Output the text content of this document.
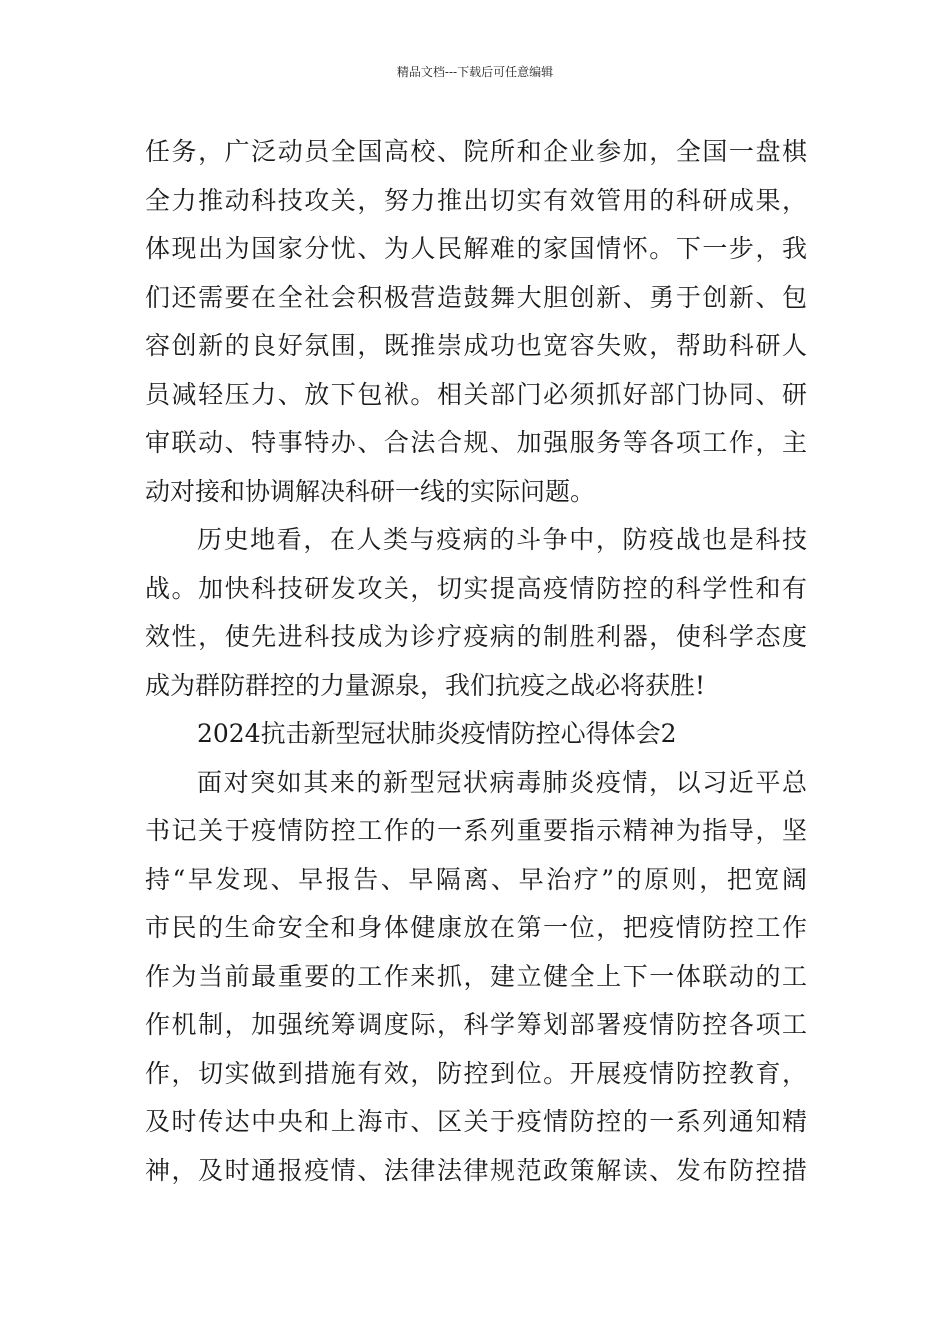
精品文档---下载后可任意编辑
任务，广泛动员全国高校、院所和企业参加，全国一盘棋
全力推动科技攻关，努力推出切实有效管用的科研成果，
体现出为国家分忧、为人民解难的家国情怀。下一步，我
们还需要在全社会积极营造鼓舞大胆创新、勇于创新、包
容创新的良好氛围，既推崇成功也宽容失败，帮助科研人
员减轻压力、放下包袱。相关部门必须抓好部门协同、研
审联动、特事特办、合法合规、加强服务等各项工作，主
动对接和协调解决科研一线的实际问题。
历史地看，在人类与疫病的斗争中，防疫战也是科技
战。加快科技研发攻关，切实提高疫情防控的科学性和有
效性，使先进科技成为诊疗疫病的制胜利器，使科学态度
成为群防群控的力量源泉，我们抗疫之战必将获胜!
2024抗击新型冠状肺炎疫情防控心得体会2
面对突如其来的新型冠状病毒肺炎疫情，以习近平总
书记关于疫情防控工作的一系列重要指示精神为指导，坚
持“早发现、早报告、早隔离、早治疗”的原则，把宽阔
市民的生命安全和身体健康放在第一位，把疫情防控工作
作为当前最重要的工作来抓，建立健全上下一体联动的工
作机制，加强统筹调度际，科学筹划部署疫情防控各项工
作，切实做到措施有效，防控到位。开展疫情防控教育，
及时传达中央和上海市、区关于疫情防控的一系列通知精
神，及时通报疫情、法律法律规范政策解读、发布防控措
